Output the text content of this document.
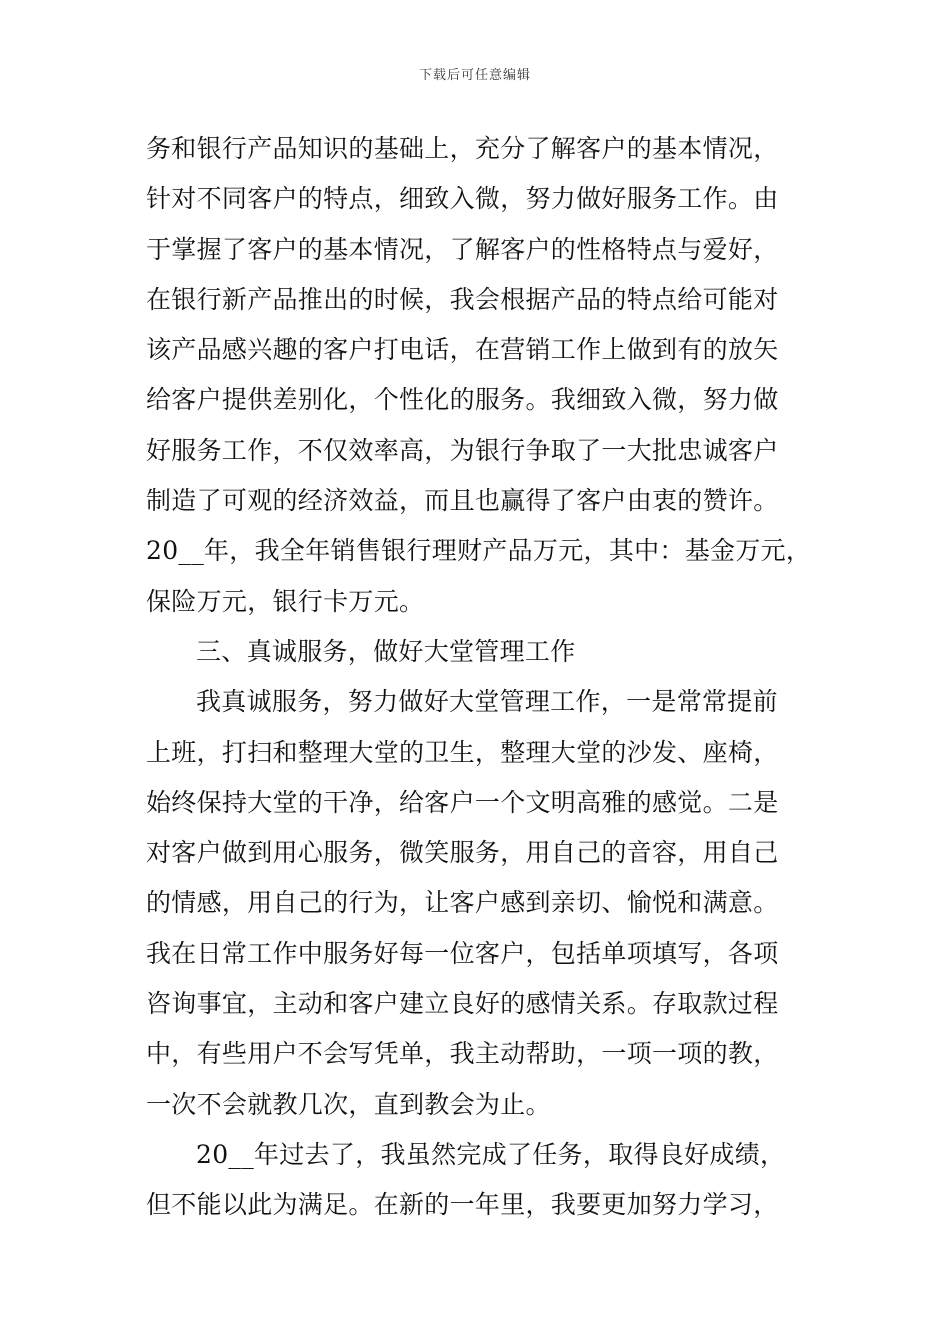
下载后可任意编辑
务和银行产品知识的基础上，充分了解客户的基本情况，
针对不同客户的特点，细致入微，努力做好服务工作。由
于掌握了客户的基本情况，了解客户的性格特点与爱好，
在银行新产品推出的时候，我会根据产品的特点给可能对
该产品感兴趣的客户打电话，在营销工作上做到有的放矢
给客户提供差别化，个性化的服务。我细致入微，努力做
好服务工作，不仅效率高，为银行争取了一大批忠诚客户
制造了可观的经济效益，而且也赢得了客户由衷的赞许。
20__年，我全年销售银行理财产品万元，其中：基金万元，
保险万元，银行卡万元。
三、真诚服务，做好大堂管理工作
我真诚服务，努力做好大堂管理工作，一是常常提前
上班，打扫和整理大堂的卫生，整理大堂的沙发、座椅，
始终保持大堂的干净，给客户一个文明高雅的感觉。二是
对客户做到用心服务，微笑服务，用自己的音容，用自己
的情感，用自己的行为，让客户感到亲切、愉悦和满意。
我在日常工作中服务好每一位客户，包括单项填写，各项
咨询事宜，主动和客户建立良好的感情关系。存取款过程
中，有些用户不会写凭单，我主动帮助，一项一项的教，
一次不会就教几次，直到教会为止。
20__年过去了，我虽然完成了任务，取得良好成绩，
但不能以此为满足。在新的一年里，我要更加努力学习，
